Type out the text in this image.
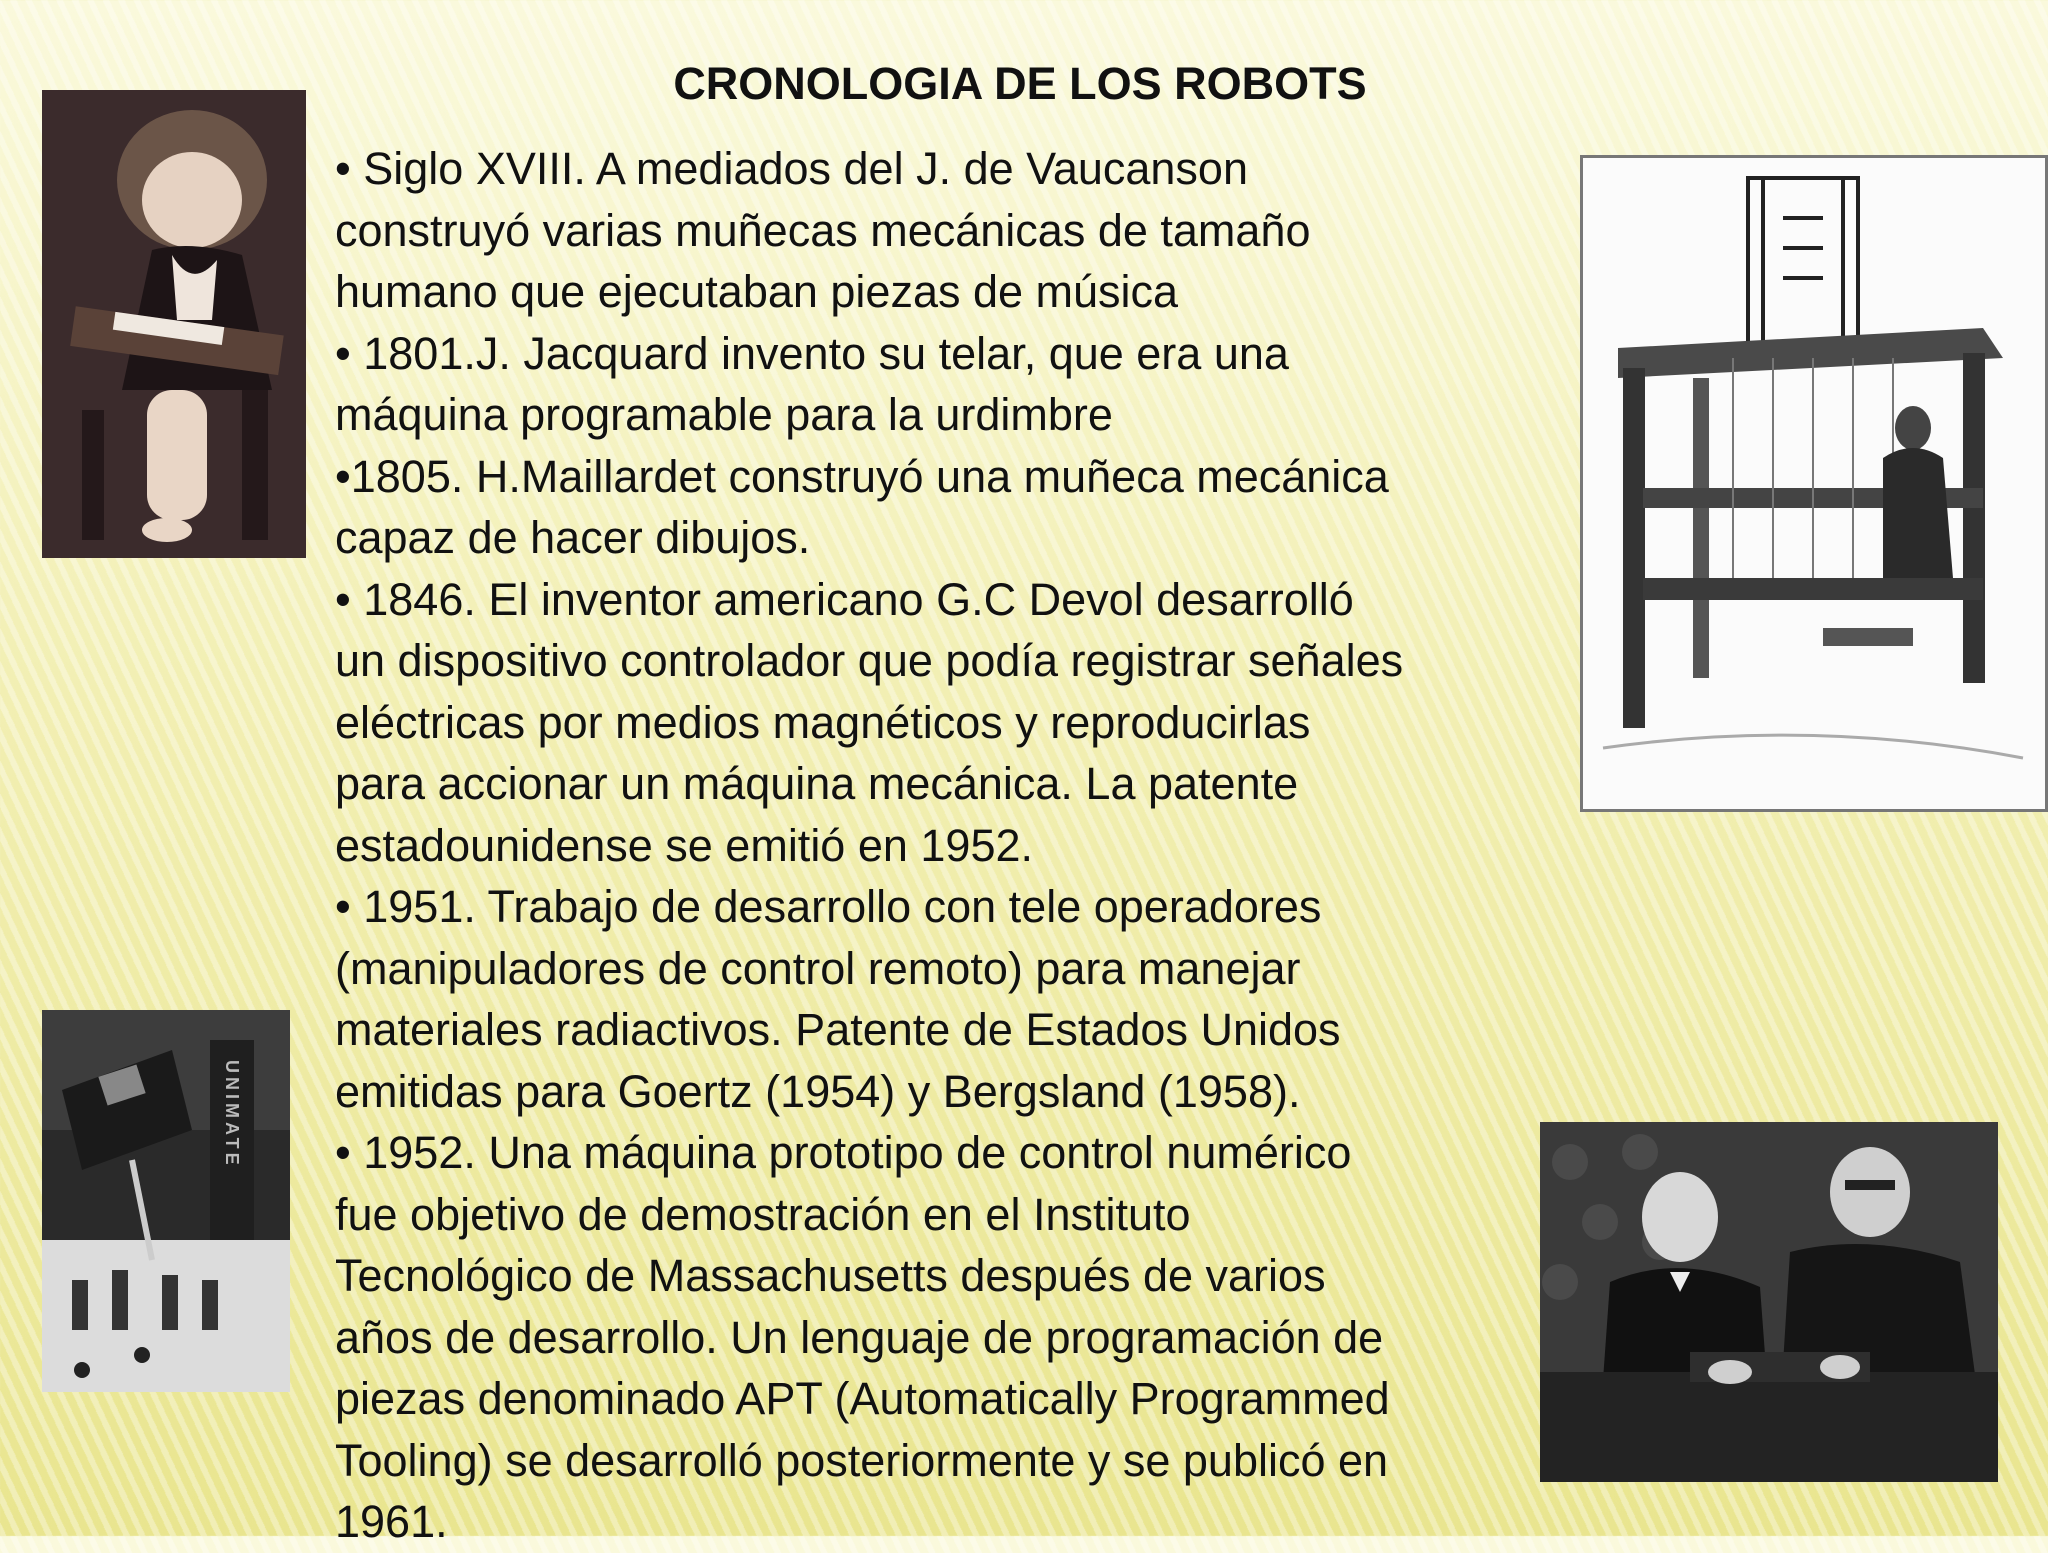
CRONOLOGIA DE LOS ROBOTS
• Siglo XVIII. A mediados del J. de Vaucanson
construyó varias muñecas mecánicas de tamaño
humano que ejecutaban piezas de música
• 1801.J. Jacquard invento su telar, que era una
máquina programable para la urdimbre
•1805. H.Maillardet construyó una muñeca mecánica
capaz de hacer dibujos.
• 1846. El inventor americano G.C Devol desarrolló
un dispositivo controlador que podía registrar señales
eléctricas por medios magnéticos y reproducirlas
para accionar un máquina mecánica. La patente
estadounidense se emitió en 1952.
• 1951. Trabajo de desarrollo con tele operadores
(manipuladores de control remoto) para manejar
materiales radiactivos. Patente de Estados Unidos
emitidas para Goertz (1954) y Bergsland (1958).
• 1952. Una máquina prototipo de control numérico
fue objetivo de demostración en el Instituto
Tecnológico de Massachusetts después de varios
años de desarrollo. Un lenguaje de programación de
piezas denominado APT (Automatically Programmed
Tooling) se desarrolló posteriormente y se publicó en
1961.
UNIMATE
